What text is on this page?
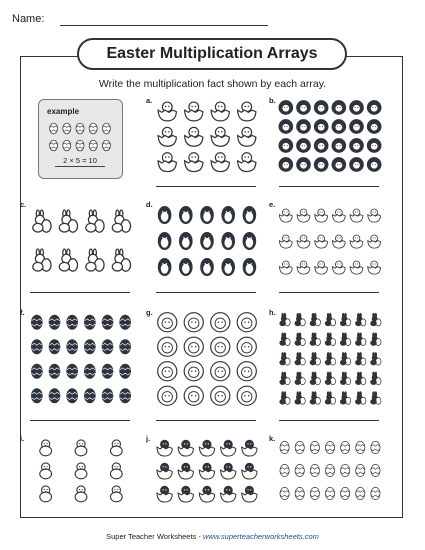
Name:
Easter Multiplication Arrays
Write the multiplication fact shown by each array.
example
2 × 5 = 10
a.	b.
c.	d.	e.
f.	g.	h.
i.	j.	k.
Super Teacher Worksheets - www.superteacherworksheets.com
